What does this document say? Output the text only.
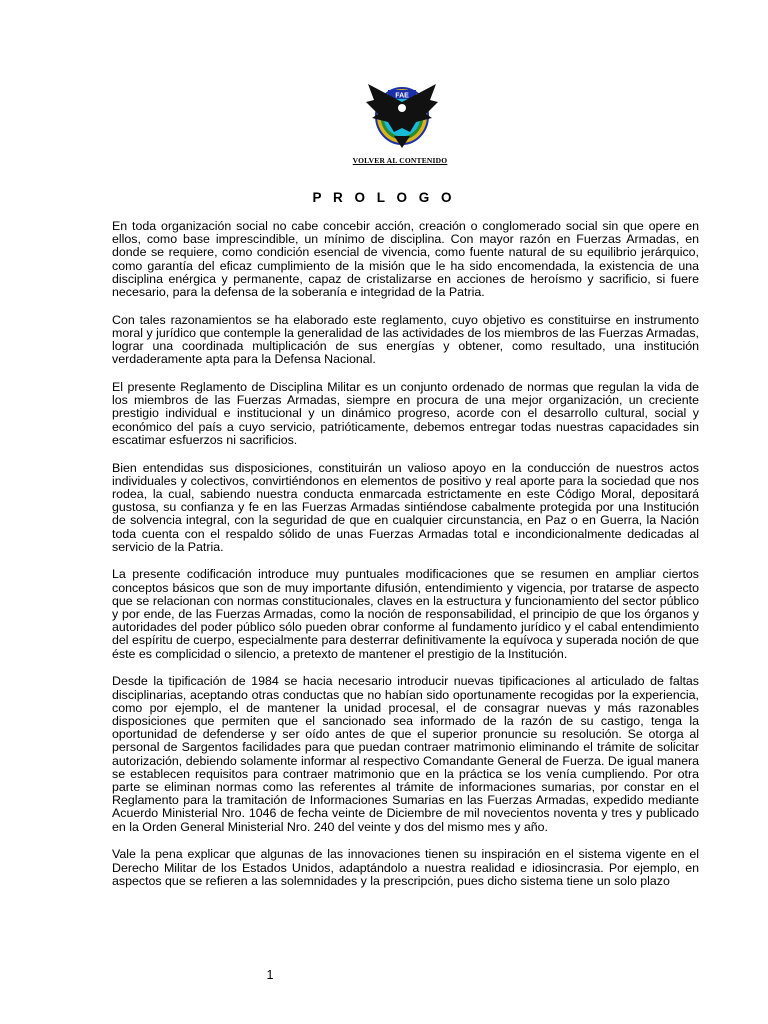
FAE
VOLVER AL CONTENIDO
P R O L O G O

En toda organización social no cabe concebir acción, creación o conglomerado social sin que opere en ellos, como base imprescindible, un mínimo de disciplina. Con mayor razón en Fuerzas Armadas, en donde se requiere, como condición esencial de vivencia, como fuente natural de su equilibrio jerárquico, como garantía del eficaz cumplimiento de la misión que le ha sido encomendada, la existencia de una disciplina enérgica y permanente, capaz de cristalizarse en acciones de heroísmo y sacrificio, si fuere necesario, para la defensa de la soberanía e integridad de la Patria.

Con tales razonamientos se ha elaborado este reglamento, cuyo objetivo es constituirse en instrumento moral y jurídico que contemple la generalidad de las actividades de los miembros de las Fuerzas Armadas, lograr una coordinada multiplicación de sus energías y obtener, como resultado, una institución verdaderamente apta para la Defensa Nacional.

El presente Reglamento de Disciplina Militar es un conjunto ordenado de normas que regulan la vida de los miembros de las Fuerzas Armadas, siempre en procura de una mejor organización, un creciente prestigio individual e institucional y un dinámico progreso, acorde con el desarrollo cultural, social y económico del país a cuyo servicio, patrióticamente, debemos entregar todas nuestras capacidades sin escatimar esfuerzos ni sacrificios.

Bien entendidas sus disposiciones, constituirán un valioso apoyo en la conducción de nuestros actos individuales y colectivos, convirtiéndonos en elementos de positivo y real aporte para la sociedad que nos rodea, la cual, sabiendo nuestra conducta enmarcada estrictamente en este Código Moral, depositará gustosa, su confianza y fe en las Fuerzas Armadas sintiéndose cabalmente protegida por una Institución de solvencia integral, con la seguridad de que en cualquier circunstancia, en Paz o en Guerra, la Nación toda cuenta con el respaldo sólido de unas Fuerzas Armadas total e incondicionalmente dedicadas al servicio de la Patria.

La presente codificación introduce muy puntuales modificaciones que se resumen en ampliar ciertos conceptos básicos que son de muy importante difusión, entendimiento y vigencia, por tratarse de aspecto que se relacionan con normas constitucionales, claves en la estructura y funcionamiento del sector público y por ende, de las Fuerzas Armadas, como la noción de responsabilidad, el principio de que los órganos y autoridades del poder público sólo pueden obrar conforme al fundamento jurídico y el cabal entendimiento del espíritu de cuerpo, especialmente para desterrar definitivamente la equívoca y superada noción de que éste es complicidad o silencio, a pretexto de mantener el prestigio de la Institución.

Desde la tipificación de 1984 se hacia necesario introducir nuevas tipificaciones al articulado de faltas disciplinarias, aceptando otras conductas que no habían sido oportunamente recogidas por la experiencia, como por ejemplo, el de mantener la unidad procesal, el de consagrar nuevas y más razonables disposiciones que permiten que el sancionado sea informado de la razón de su castigo, tenga la oportunidad de defenderse y ser oído antes de que el superior pronuncie su resolución. Se otorga al personal de Sargentos facilidades para que puedan contraer matrimonio eliminando el trámite de solicitar autorización, debiendo solamente informar al respectivo Comandante General de Fuerza. De igual manera se establecen requisitos para contraer matrimonio que en la práctica se los venía cumpliendo. Por otra parte se eliminan normas como las referentes al trámite de informaciones sumarias, por constar en el Reglamento para la tramitación de Informaciones Sumarias en las Fuerzas Armadas, expedido mediante Acuerdo Ministerial Nro. 1046 de fecha veinte de Diciembre de mil novecientos noventa y tres y publicado en la Orden General Ministerial Nro. 240 del veinte y dos del mismo mes y año.

Vale la pena explicar que algunas de las innovaciones tienen su inspiración en el sistema vigente en el Derecho Militar de los Estados Unidos, adaptándolo a nuestra realidad e idiosincrasia. Por ejemplo, en aspectos que se refieren a las solemnidades y la prescripción, pues dicho sistema tiene un solo plazo

1
